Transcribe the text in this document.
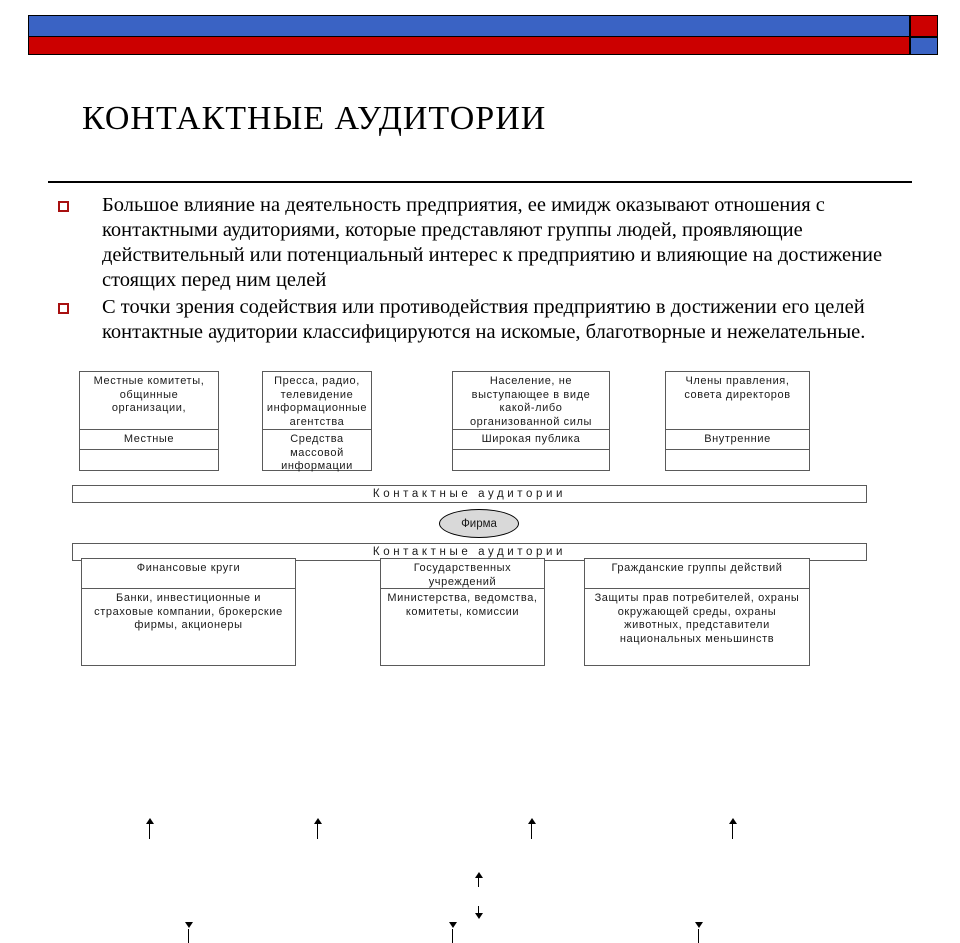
КОНТАКТНЫЕ АУДИТОРИИ
Большое влияние на деятельность предприятия, ее имидж оказывают отношения с контактными аудиториями, которые представляют группы людей, проявляющие действительный или потенциальный интерес к предприятию и влияющие на достижение стоящих перед ним целей
С точки зрения содействия или противодействия предприятию в достижении его целей контактные аудитории классифицируются на искомые, благотворные и нежелательные.
Местные комитеты, общинные организации,
Местные
Пресса, радио, телевидение информационные агентства
Средства массовой информации
Население, не выступающее в виде какой-либо организованной силы
Широкая публика
Члены правления, совета директоров
Внутренние
Контактные аудитории
Фирма
Контактные аудитории
Финансовые круги
Банки, инвестиционные и страховые компании, брокерские фирмы, акционеры
Государственных учреждений
Министерства, ведомства, комитеты, комиссии
Гражданские группы действий
Защиты прав потребителей, охраны окружающей среды, охраны животных, представители национальных меньшинств
